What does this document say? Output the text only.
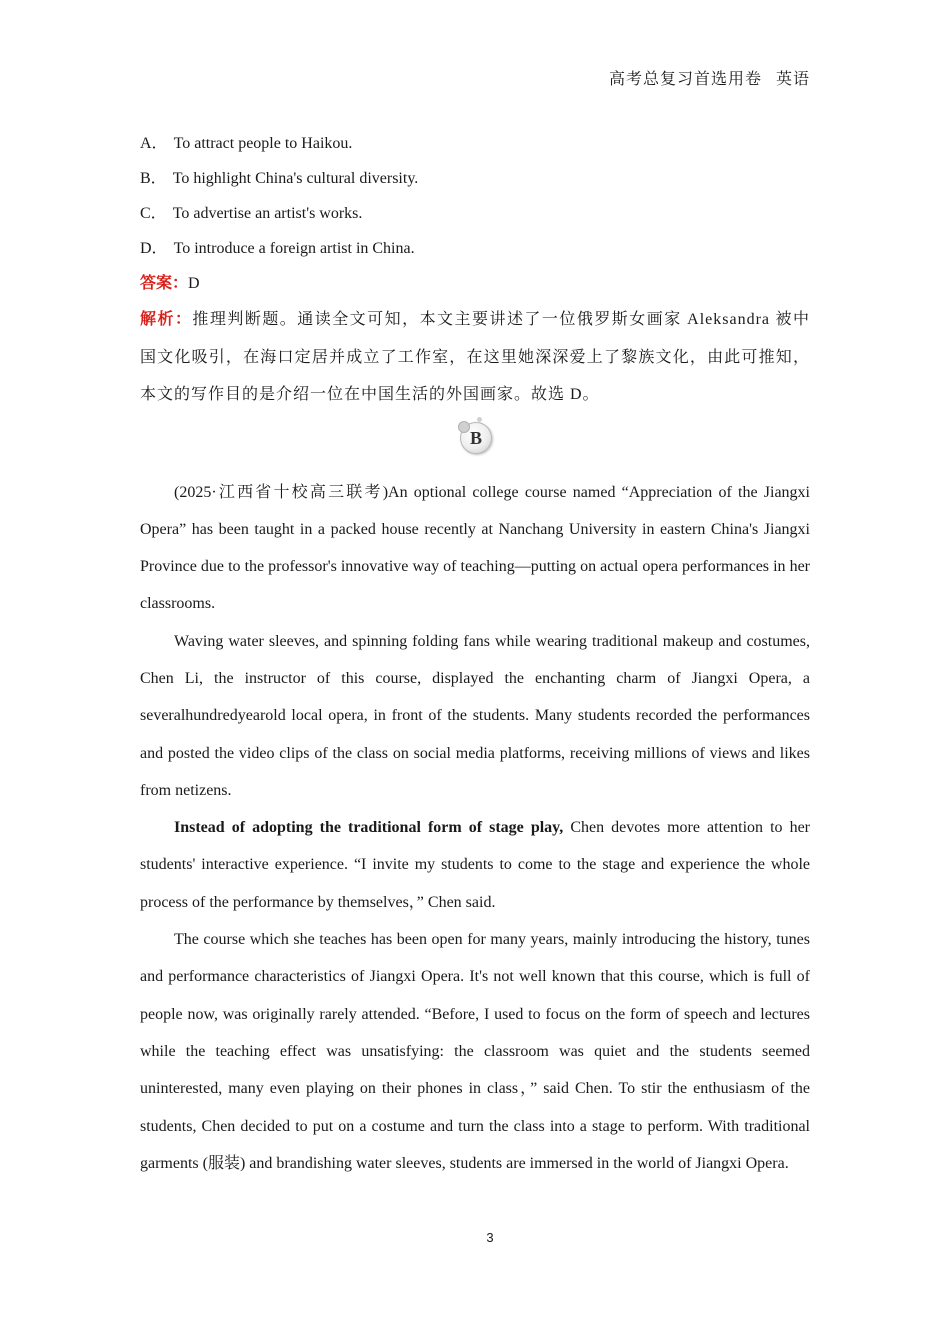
高考总复习首选用卷 英语
A． To attract people to Haikou.
B． To highlight China's cultural diversity.
C． To advertise an artist's works.
D． To introduce a foreign artist in China.
答案：D
解析：推理判断题。通读全文可知，本文主要讲述了一位俄罗斯女画家 Aleksandra 被中国文化吸引，在海口定居并成立了工作室，在这里她深深爱上了黎族文化，由此可推知，本文的写作目的是介绍一位在中国生活的外国画家。故选 D。
B

(2025·江西省十校高三联考)An optional college course named “Appreciation of the Jiangxi Opera” has been taught in a packed house recently at Nanchang University in eastern China's Jiangxi Province due to the professor's innovative way of teaching—putting on actual opera performances in her classrooms.

Waving water sleeves, and spinning folding fans while wearing traditional makeup and costumes, Chen Li, the instructor of this course, displayed the enchanting charm of Jiangxi Opera, a severalhundredyearold local opera, in front of the students. Many students recorded the performances and posted the video clips of the class on social media platforms, receiving millions of views and likes from netizens.

Instead of adopting the traditional form of stage play, Chen devotes more attention to her students' interactive experience. “I invite my students to come to the stage and experience the whole process of the performance by themselves，” Chen said.

The course which she teaches has been open for many years, mainly introducing the history, tunes and performance characteristics of Jiangxi Opera. It's not well known that this course, which is full of people now, was originally rarely attended. “Before, I used to focus on the form of speech and lectures while the teaching effect was unsatisfying: the classroom was quiet and the students seemed uninterested, many even playing on their phones in class，” said Chen. To stir the enthusiasm of the students, Chen decided to put on a costume and turn the class into a stage to perform. With traditional garments (服装) and brandishing water sleeves, students are immersed in the world of Jiangxi Opera.

3
